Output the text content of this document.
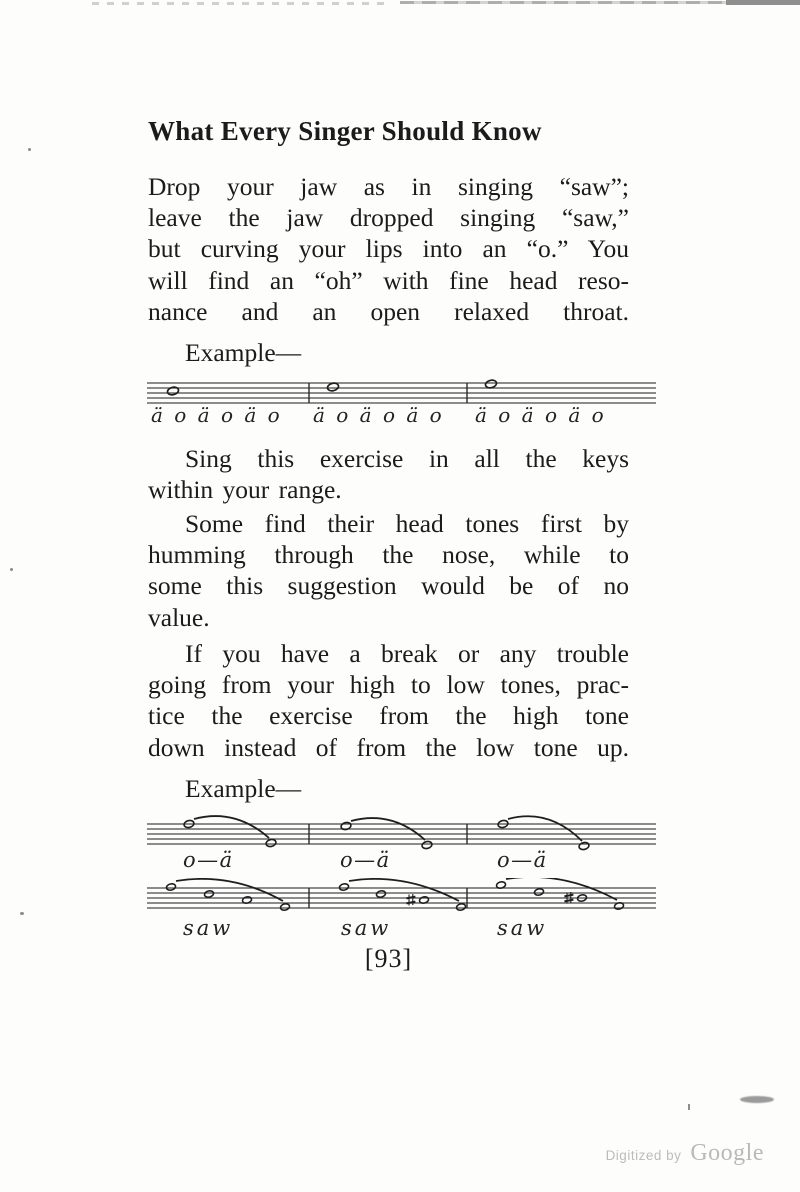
What Every Singer Should Know
Drop your jaw as in singing “saw”;
leave the jaw dropped singing “saw,”
but curving your lips into an “o.” You
will find an “oh” with fine head reso-
nance and an open relaxed throat.
Example—
ä o ä o ä o ä o ä o ä o ä o ä o ä o
Sing this exercise in all the keys
within your range.
Some find their head tones first by
humming through the nose, while to
some this suggestion would be of no
value.
If you have a break or any trouble
going from your high to low tones, prac-
tice the exercise from the high tone
down instead of from the low tone up.
Example—
o—ä	o—ä	o—ä
saw	saw	saw
[93]
Digitized by Google
